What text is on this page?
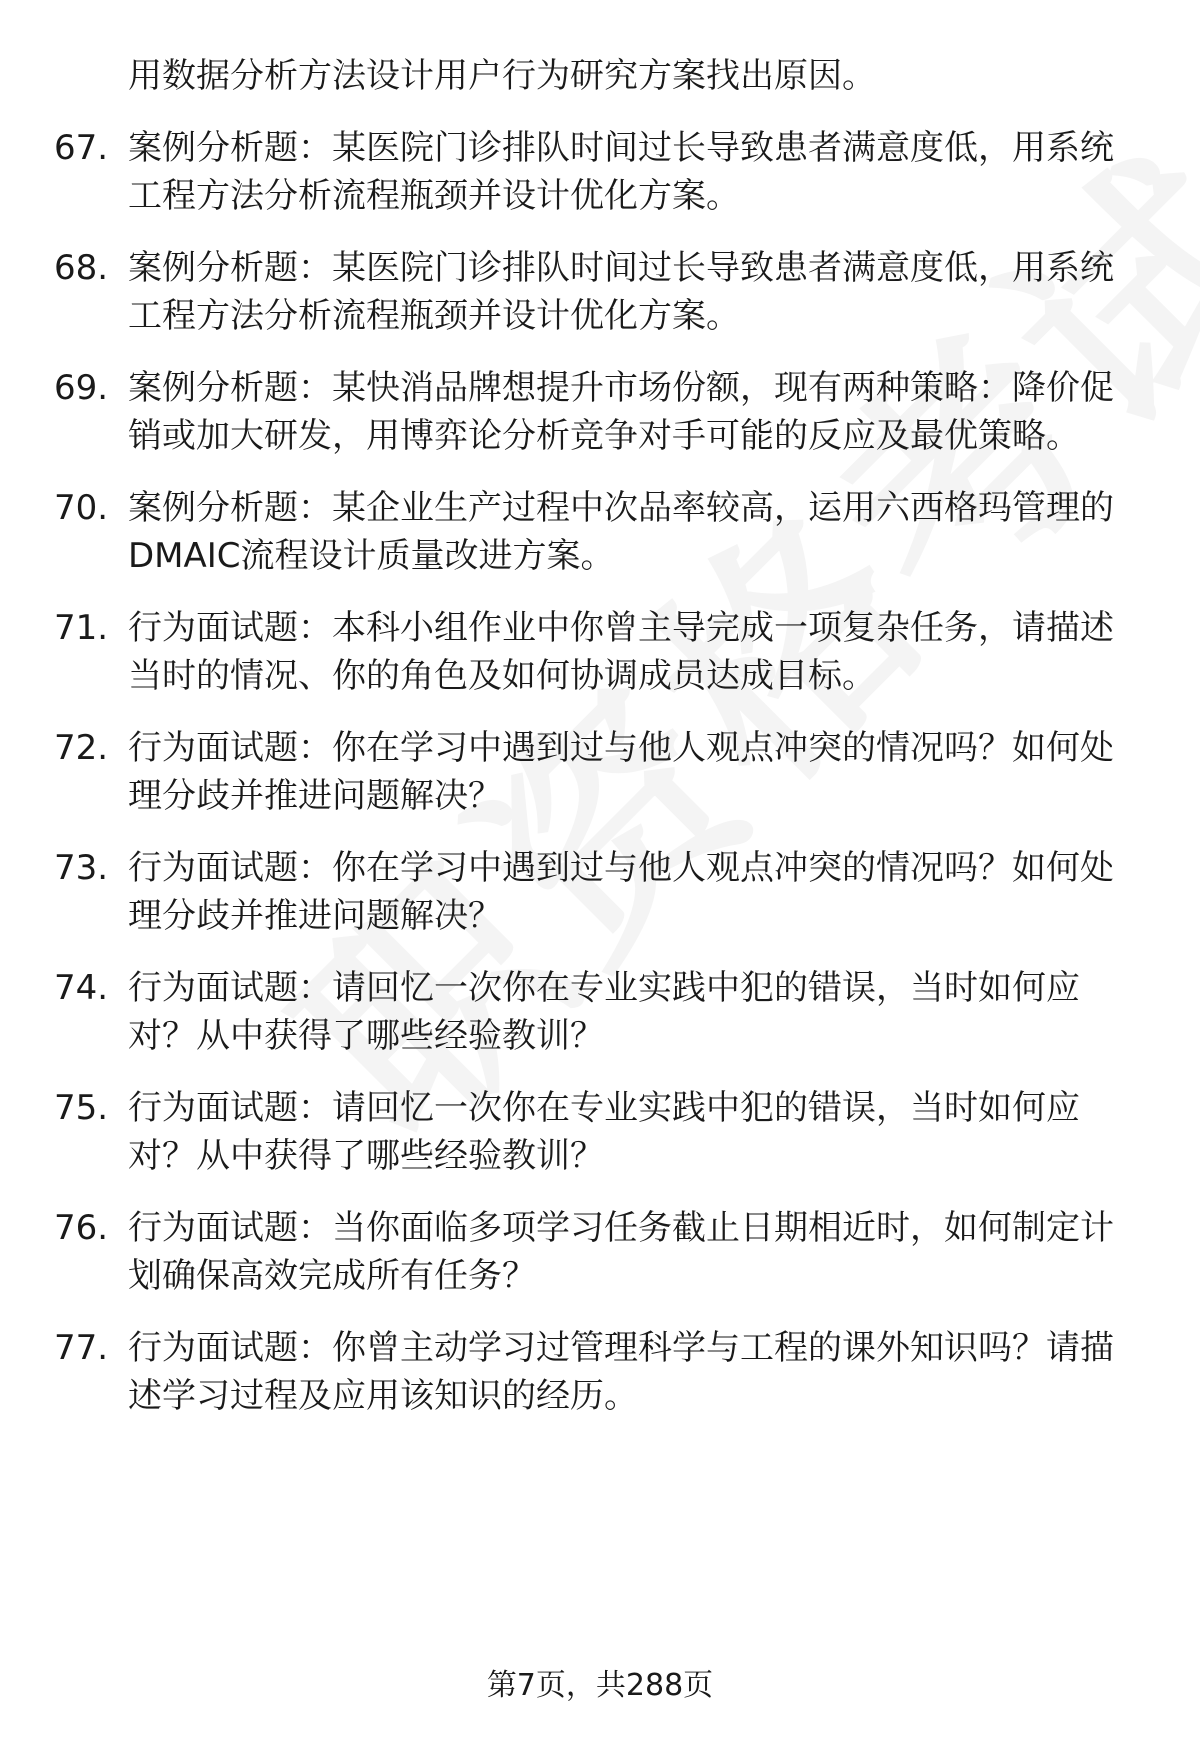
用数据分析方法设计用户行为研究方案找出原因。

67. 案例分析题：某医院门诊排队时间过长导致患者满意度低，用系统工程方法分析流程瓶颈并设计优化方案。
68. 案例分析题：某医院门诊排队时间过长导致患者满意度低，用系统工程方法分析流程瓶颈并设计优化方案。
69. 案例分析题：某快消品牌想提升市场份额，现有两种策略：降价促销或加大研发，用博弈论分析竞争对手可能的反应及最优策略。
70. 案例分析题：某企业生产过程中次品率较高，运用六西格玛管理的DMAIC流程设计质量改进方案。
71. 行为面试题：本科小组作业中你曾主导完成一项复杂任务，请描述当时的情况、你的角色及如何协调成员达成目标。
72. 行为面试题：你在学习中遇到过与他人观点冲突的情况吗？如何处理分歧并推进问题解决？
73. 行为面试题：你在学习中遇到过与他人观点冲突的情况吗？如何处理分歧并推进问题解决？
74. 行为面试题：请回忆一次你在专业实践中犯的错误，当时如何应对？从中获得了哪些经验教训？
75. 行为面试题：请回忆一次你在专业实践中犯的错误，当时如何应对？从中获得了哪些经验教训？
76. 行为面试题：当你面临多项学习任务截止日期相近时，如何制定计划确保高效完成所有任务？
77. 行为面试题：你曾主动学习过管理科学与工程的课外知识吗？请描述学习过程及应用该知识的经历。
第7页，共288页
